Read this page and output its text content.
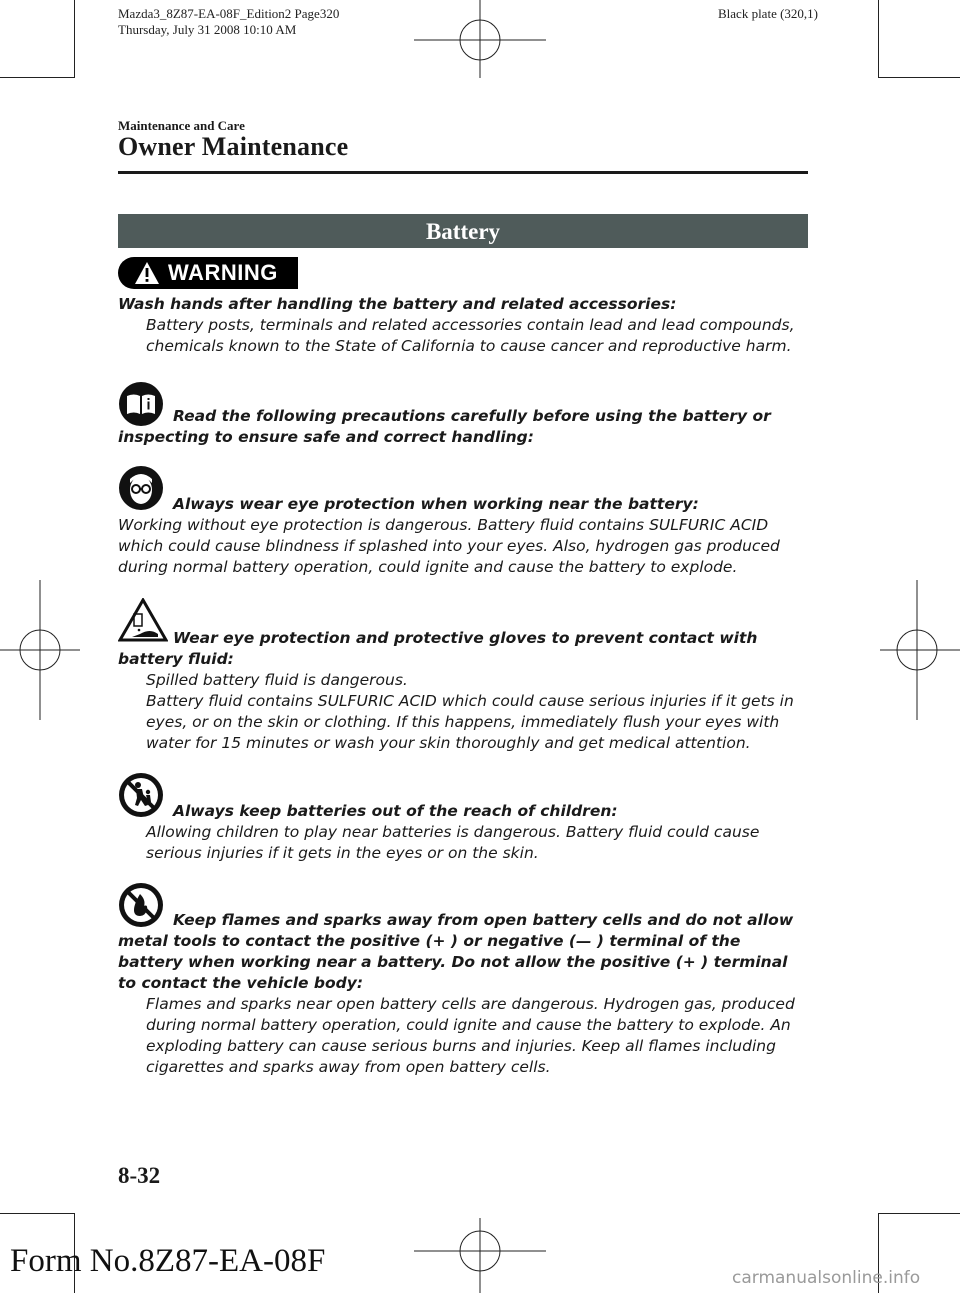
Mazda3_8Z87-EA-08F_Edition2 Page320
Thursday, July 31 2008 10:10 AM
Black plate (320,1)
Maintenance and Care
Owner Maintenance
Battery
WARNING
Wash hands after handling the battery and related accessories:
Battery posts, terminals and related accessories contain lead and lead compounds, chemicals known to the State of California to cause cancer and reproductive harm.
Read the following precautions carefully before using the battery or inspecting to ensure safe and correct handling:
Always wear eye protection when working near the battery:
Working without eye protection is dangerous. Battery fluid contains SULFURIC ACID which could cause blindness if splashed into your eyes. Also, hydrogen gas produced during normal battery operation, could ignite and cause the battery to explode.
Wear eye protection and protective gloves to prevent contact with battery fluid:
Spilled battery fluid is dangerous.
Battery fluid contains SULFURIC ACID which could cause serious injuries if it gets in eyes, or on the skin or clothing. If this happens, immediately flush your eyes with water for 15 minutes or wash your skin thoroughly and get medical attention.
Always keep batteries out of the reach of children:
Allowing children to play near batteries is dangerous. Battery fluid could cause serious injuries if it gets in the eyes or on the skin.
Keep flames and sparks away from open battery cells and do not allow metal tools to contact the positive (+ ) or negative (— ) terminal of the battery when working near a battery. Do not allow the positive (+ ) terminal to contact the vehicle body:
Flames and sparks near open battery cells are dangerous. Hydrogen gas, produced during normal battery operation, could ignite and cause the battery to explode. An exploding battery can cause serious burns and injuries. Keep all flames including cigarettes and sparks away from open battery cells.
8-32
Form No.8Z87-EA-08F	carmanualsonline.info
